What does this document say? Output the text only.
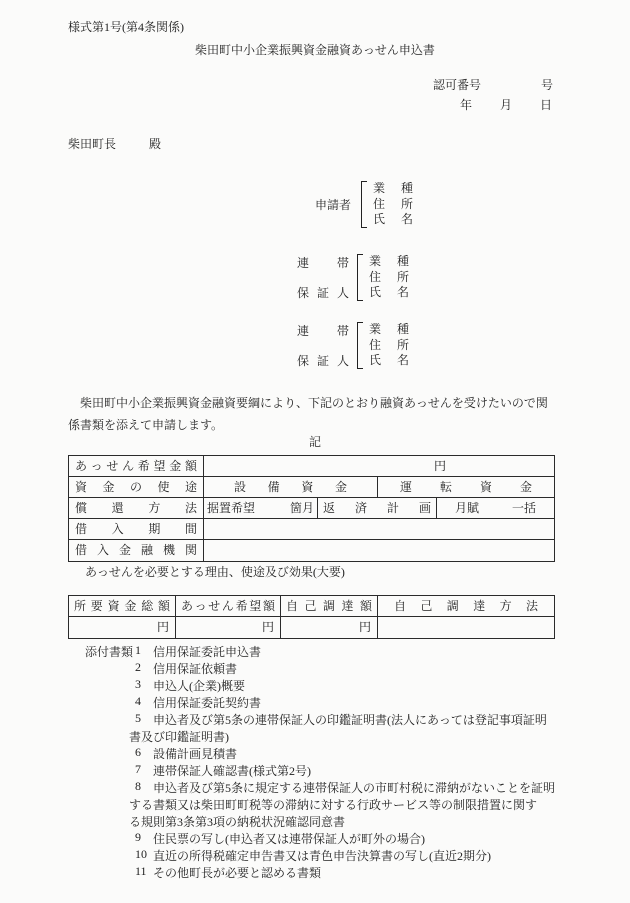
様式第1号(第4条関係)
柴田町中小企業振興資金融資あっせん申込書
認可番号	号
年 月 日
柴田町長	殿
申請者
業種
住所
氏名
連帯
保証人
業種
住所
氏名
連帯
保証人
業種
住所
氏名
柴田町中小企業振興資金融資要綱により、下記のとおり融資あっせんを受けたいので関
係書類を添えて申請します。
記
あっせん希望金額	円
資金の使途	設備資金	運転資金
償還方法 据置希望	箇月 返済計画	月賦	一括
借入期間
借入金融機関
あっせんを必要とする理由、使途及び効果(大要)
所要資金総額 あっせん希望額 自己調達額	自己調達方法
円	円	円
添付書類 1 信用保証委託申込書
2 信用保証依頼書
3 申込人(企業)概要
4 信用保証委託契約書
5 申込者及び第5条の連帯保証人の印鑑証明書(法人にあっては登記事項証明
書及び印鑑証明書)
6 設備計画見積書
7 連帯保証人確認書(様式第2号)
8 申込者及び第5条に規定する連帯保証人の市町村税に滞納がないことを証明
する書類又は柴田町町税等の滞納に対する行政サービス等の制限措置に関す
る規則第3条第3項の納税状況確認同意書
9 住民票の写し(申込者又は連帯保証人が町外の場合)
10 直近の所得税確定申告書又は青色申告決算書の写し(直近2期分)
11 その他町長が必要と認める書類
